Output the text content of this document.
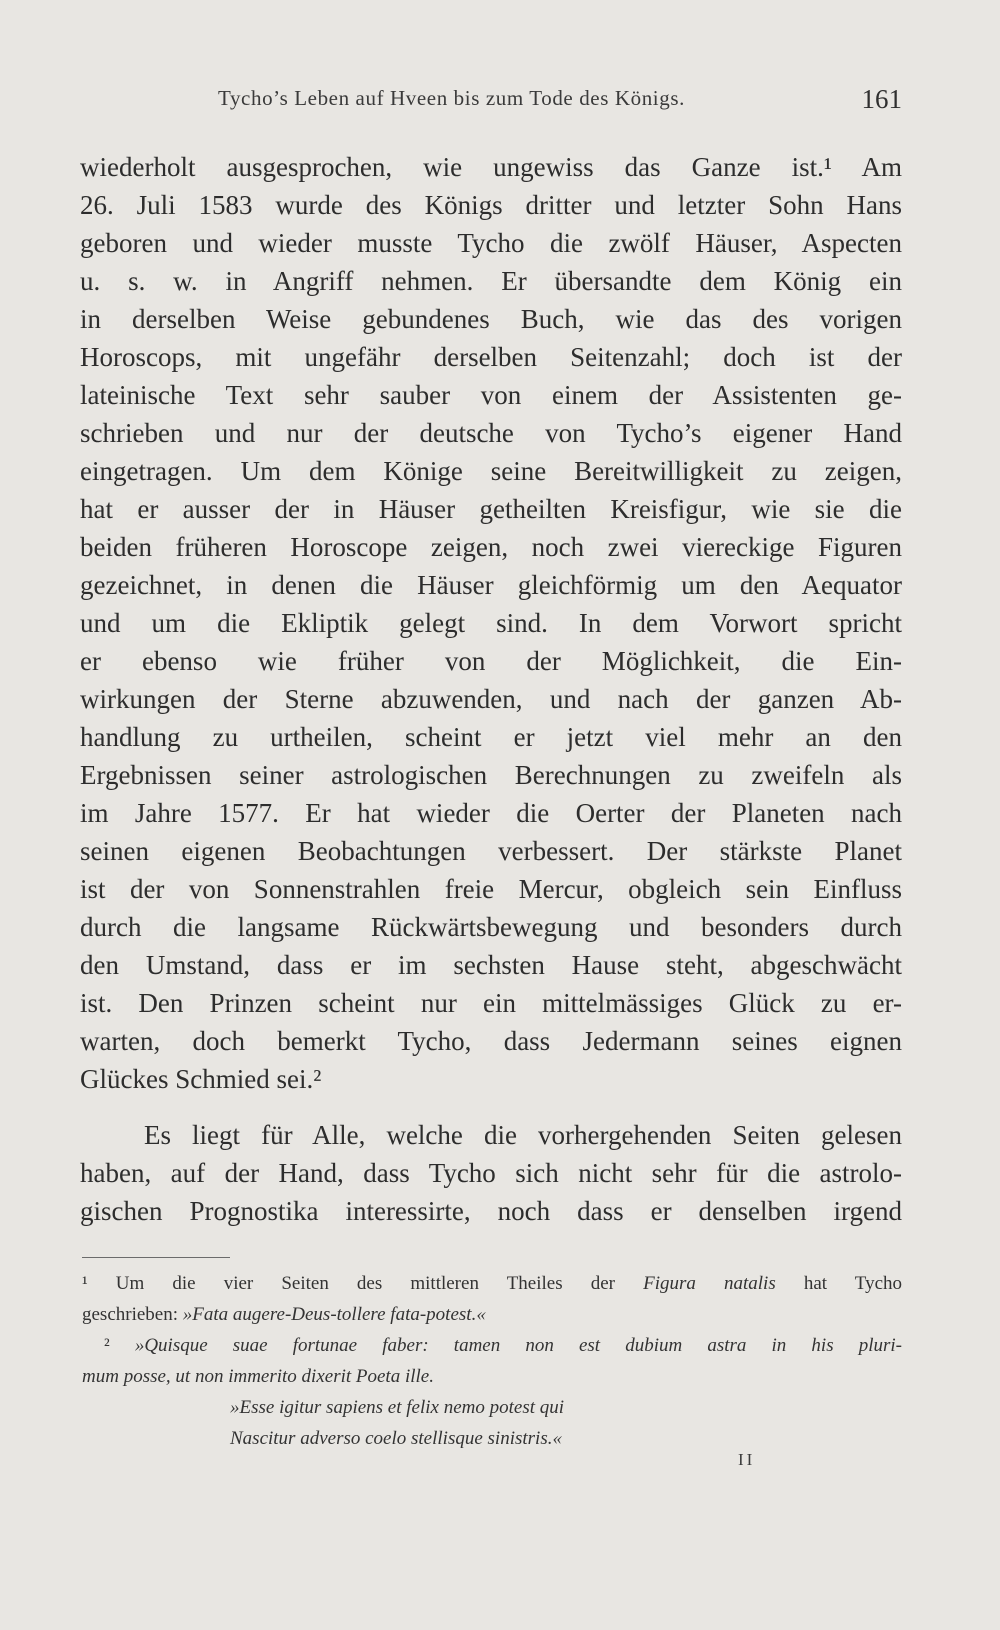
Tycho’s Leben auf Hveen bis zum Tode des Königs.	161
wiederholt ausgesprochen, wie ungewiss das Ganze ist.¹ Am
26. Juli 1583 wurde des Königs dritter und letzter Sohn Hans
geboren und wieder musste Tycho die zwölf Häuser, Aspecten
u. s. w. in Angriff nehmen. Er übersandte dem König ein
in derselben Weise gebundenes Buch, wie das des vorigen
Horoscops, mit ungefähr derselben Seitenzahl; doch ist der
lateinische Text sehr sauber von einem der Assistenten ge-
schrieben und nur der deutsche von Tycho’s eigener Hand
eingetragen. Um dem Könige seine Bereitwilligkeit zu zeigen,
hat er ausser der in Häuser getheilten Kreisfigur, wie sie die
beiden früheren Horoscope zeigen, noch zwei viereckige Figuren
gezeichnet, in denen die Häuser gleichförmig um den Aequator
und um die Ekliptik gelegt sind. In dem Vorwort spricht
er ebenso wie früher von der Möglichkeit, die Ein-
wirkungen der Sterne abzuwenden, und nach der ganzen Ab-
handlung zu urtheilen, scheint er jetzt viel mehr an den
Ergebnissen seiner astrologischen Berechnungen zu zweifeln als
im Jahre 1577. Er hat wieder die Oerter der Planeten nach
seinen eigenen Beobachtungen verbessert. Der stärkste Planet
ist der von Sonnenstrahlen freie Mercur, obgleich sein Einfluss
durch die langsame Rückwärtsbewegung und besonders durch
den Umstand, dass er im sechsten Hause steht, abgeschwächt
ist. Den Prinzen scheint nur ein mittelmässiges Glück zu er-
warten, doch bemerkt Tycho, dass Jedermann seines eignen
Glückes Schmied sei.²
Es liegt für Alle, welche die vorhergehenden Seiten gelesen
haben, auf der Hand, dass Tycho sich nicht sehr für die astrolo-
gischen Prognostika interessirte, noch dass er denselben irgend
¹ Um die vier Seiten des mittleren Theiles der Figura natalis hat Tycho
geschrieben: »Fata augere-Deus-tollere fata-potest.«
² »Quisque suae fortunae faber: tamen non est dubium astra in his pluri-
mum posse, ut non immerito dixerit Poeta ille.
»Esse igitur sapiens et felix nemo potest qui
Nascitur adverso coelo stellisque sinistris.«
II
